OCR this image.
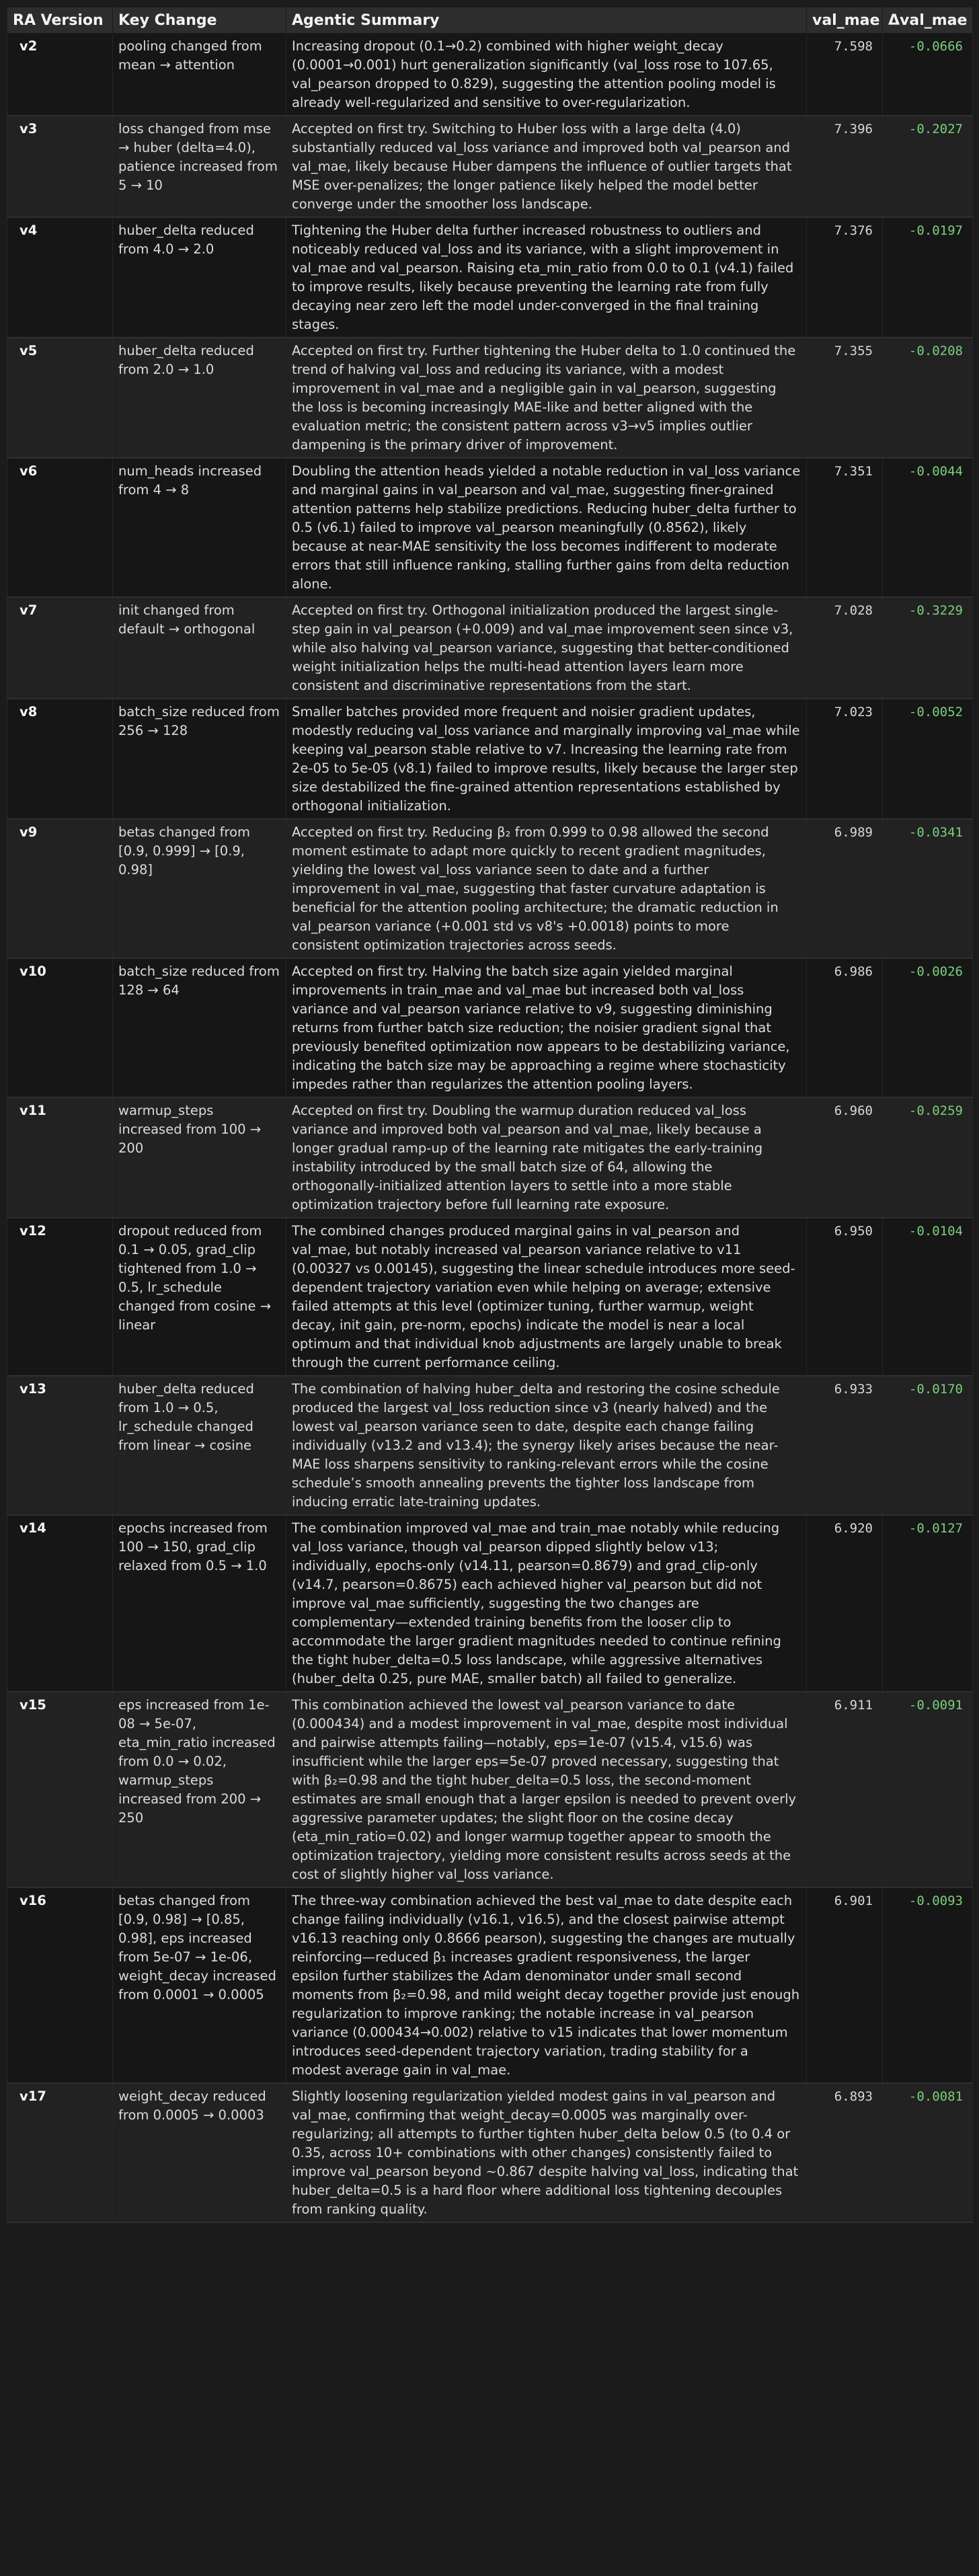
RA Version	Key Change	Agentic Summary	val_mae	Δval_mae
v2	pooling changed from mean → attention	Increasing dropout (0.1→0.2) combined with higher weight_decay (0.0001→0.001) hurt generalization significantly (val_loss rose to 107.65, val_pearson dropped to 0.829), suggesting the attention pooling model is already well-regularized and sensitive to over-regularization.	7.598	-0.0666
v3	loss changed from mse → huber (delta=4.0), patience increased from 5 → 10	Accepted on first try. Switching to Huber loss with a large delta (4.0) substantially reduced val_loss variance and improved both val_pearson and val_mae, likely because Huber dampens the influence of outlier targets that MSE over-penalizes; the longer patience likely helped the model better converge under the smoother loss landscape.	7.396	-0.2027
v4	huber_delta reduced from 4.0 → 2.0	Tightening the Huber delta further increased robustness to outliers and noticeably reduced val_loss and its variance, with a slight improvement in val_mae and val_pearson. Raising eta_min_ratio from 0.0 to 0.1 (v4.1) failed to improve results, likely because preventing the learning rate from fully decaying near zero left the model under-converged in the final training stages.	7.376	-0.0197
v5	huber_delta reduced from 2.0 → 1.0	Accepted on first try. Further tightening the Huber delta to 1.0 continued the trend of halving val_loss and reducing its variance, with a modest improvement in val_mae and a negligible gain in val_pearson, suggesting the loss is becoming increasingly MAE-like and better aligned with the evaluation metric; the consistent pattern across v3→v5 implies outlier dampening is the primary driver of improvement.	7.355	-0.0208
v6	num_heads increased from 4 → 8	Doubling the attention heads yielded a notable reduction in val_loss variance and marginal gains in val_pearson and val_mae, suggesting finer-grained attention patterns help stabilize predictions. Reducing huber_delta further to 0.5 (v6.1) failed to improve val_pearson meaningfully (0.8562), likely because at near-MAE sensitivity the loss becomes indifferent to moderate errors that still influence ranking, stalling further gains from delta reduction alone.	7.351	-0.0044
v7	init changed from default → orthogonal	Accepted on first try. Orthogonal initialization produced the largest single-step gain in val_pearson (+0.009) and val_mae improvement seen since v3, while also halving val_pearson variance, suggesting that better-conditioned weight initialization helps the multi-head attention layers learn more consistent and discriminative representations from the start.	7.028	-0.3229
v8	batch_size reduced from 256 → 128	Smaller batches provided more frequent and noisier gradient updates, modestly reducing val_loss variance and marginally improving val_mae while keeping val_pearson stable relative to v7. Increasing the learning rate from 2e-05 to 5e-05 (v8.1) failed to improve results, likely because the larger step size destabilized the fine-grained attention representations established by orthogonal initialization.	7.023	-0.0052
v9	betas changed from [0.9, 0.999] → [0.9, 0.98]	Accepted on first try. Reducing β₂ from 0.999 to 0.98 allowed the second moment estimate to adapt more quickly to recent gradient magnitudes, yielding the lowest val_loss variance seen to date and a further improvement in val_mae, suggesting that faster curvature adaptation is beneficial for the attention pooling architecture; the dramatic reduction in val_pearson variance (+0.001 std vs v8's +0.0018) points to more consistent optimization trajectories across seeds.	6.989	-0.0341
v10	batch_size reduced from 128 → 64	Accepted on first try. Halving the batch size again yielded marginal improvements in train_mae and val_mae but increased both val_loss variance and val_pearson variance relative to v9, suggesting diminishing returns from further batch size reduction; the noisier gradient signal that previously benefited optimization now appears to be destabilizing variance, indicating the batch size may be approaching a regime where stochasticity impedes rather than regularizes the attention pooling layers.	6.986	-0.0026
v11	warmup_steps increased from 100 → 200	Accepted on first try. Doubling the warmup duration reduced val_loss variance and improved both val_pearson and val_mae, likely because a longer gradual ramp-up of the learning rate mitigates the early-training instability introduced by the small batch size of 64, allowing the orthogonally-initialized attention layers to settle into a more stable optimization trajectory before full learning rate exposure.	6.960	-0.0259
v12	dropout reduced from 0.1 → 0.05, grad_clip tightened from 1.0 → 0.5, lr_schedule changed from cosine → linear	The combined changes produced marginal gains in val_pearson and val_mae, but notably increased val_pearson variance relative to v11 (0.00327 vs 0.00145), suggesting the linear schedule introduces more seed-dependent trajectory variation even while helping on average; extensive failed attempts at this level (optimizer tuning, further warmup, weight decay, init gain, pre-norm, epochs) indicate the model is near a local optimum and that individual knob adjustments are largely unable to break through the current performance ceiling.	6.950	-0.0104
v13	huber_delta reduced from 1.0 → 0.5, lr_schedule changed from linear → cosine	The combination of halving huber_delta and restoring the cosine schedule produced the largest val_loss reduction since v3 (nearly halved) and the lowest val_pearson variance seen to date, despite each change failing individually (v13.2 and v13.4); the synergy likely arises because the near-MAE loss sharpens sensitivity to ranking-relevant errors while the cosine schedule’s smooth annealing prevents the tighter loss landscape from inducing erratic late-training updates.	6.933	-0.0170
v14	epochs increased from 100 → 150, grad_clip relaxed from 0.5 → 1.0	The combination improved val_mae and train_mae notably while reducing val_loss variance, though val_pearson dipped slightly below v13; individually, epochs-only (v14.11, pearson=0.8679) and grad_clip-only (v14.7, pearson=0.8675) each achieved higher val_pearson but did not improve val_mae sufficiently, suggesting the two changes are complementary—extended training benefits from the looser clip to accommodate the larger gradient magnitudes needed to continue refining the tight huber_delta=0.5 loss landscape, while aggressive alternatives (huber_delta 0.25, pure MAE, smaller batch) all failed to generalize.	6.920	-0.0127
v15	eps increased from 1e-08 → 5e-07, eta_min_ratio increased from 0.0 → 0.02, warmup_steps increased from 200 → 250	This combination achieved the lowest val_pearson variance to date (0.000434) and a modest improvement in val_mae, despite most individual and pairwise attempts failing—notably, eps=1e-07 (v15.4, v15.6) was insufficient while the larger eps=5e-07 proved necessary, suggesting that with β₂=0.98 and the tight huber_delta=0.5 loss, the second-moment estimates are small enough that a larger epsilon is needed to prevent overly aggressive parameter updates; the slight floor on the cosine decay (eta_min_ratio=0.02) and longer warmup together appear to smooth the optimization trajectory, yielding more consistent results across seeds at the cost of slightly higher val_loss variance.	6.911	-0.0091
v16	betas changed from [0.9, 0.98] → [0.85, 0.98], eps increased from 5e-07 → 1e-06, weight_decay increased from 0.0001 → 0.0005	The three-way combination achieved the best val_mae to date despite each change failing individually (v16.1, v16.5), and the closest pairwise attempt v16.13 reaching only 0.8666 pearson), suggesting the changes are mutually reinforcing—reduced β₁ increases gradient responsiveness, the larger epsilon further stabilizes the Adam denominator under small second moments from β₂=0.98, and mild weight decay together provide just enough regularization to improve ranking; the notable increase in val_pearson variance (0.000434→0.002) relative to v15 indicates that lower momentum introduces seed-dependent trajectory variation, trading stability for a modest average gain in val_mae.	6.901	-0.0093
v17	weight_decay reduced from 0.0005 → 0.0003	Slightly loosening regularization yielded modest gains in val_pearson and val_mae, confirming that weight_decay=0.0005 was marginally over-regularizing; all attempts to further tighten huber_delta below 0.5 (to 0.4 or 0.35, across 10+ combinations with other changes) consistently failed to improve val_pearson beyond ~0.867 despite halving val_loss, indicating that huber_delta=0.5 is a hard floor where additional loss tightening decouples from ranking quality.	6.893	-0.0081
